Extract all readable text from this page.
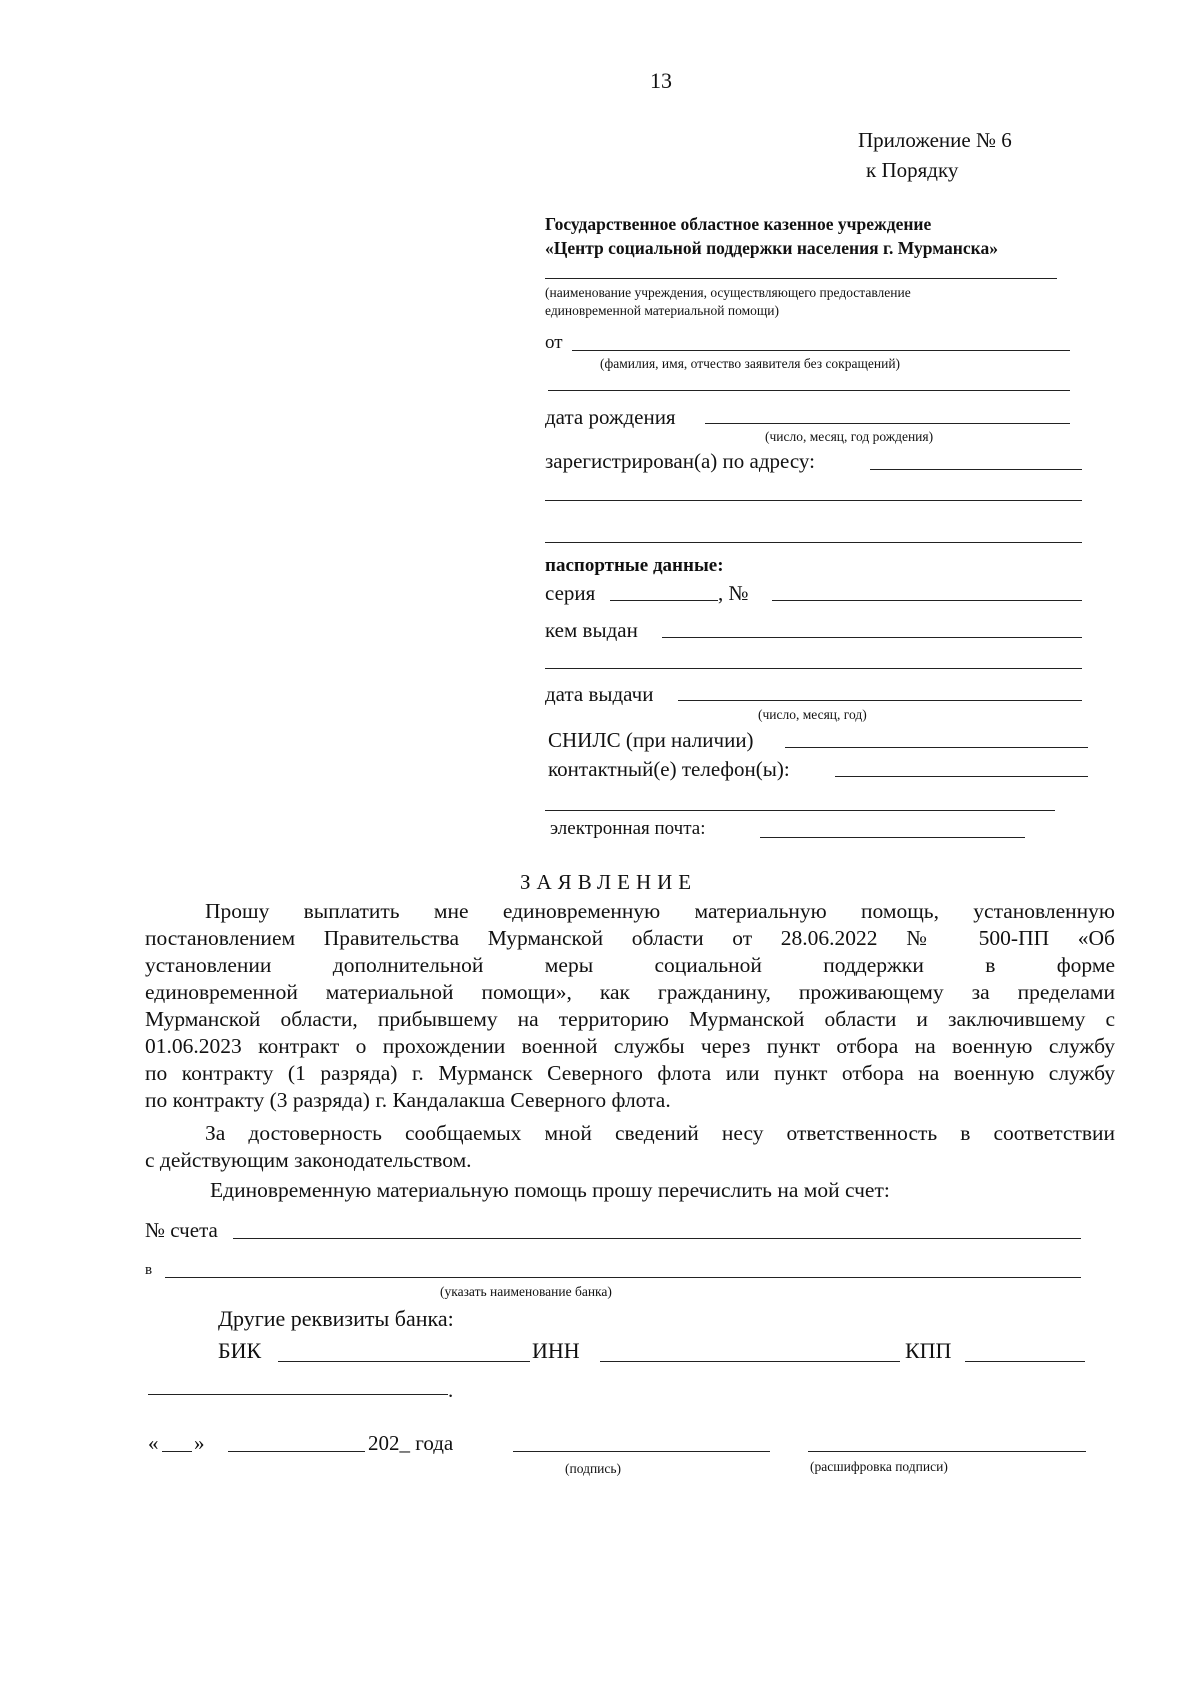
13
Приложение № 6
к Порядку
Государственное областное казенное учреждение
«Центр социальной поддержки населения г. Мурманска»
(наименование учреждения, осуществляющего предоставление
единовременной материальной помощи)
от
(фамилия, имя, отчество заявителя без сокращений)
дата рождения
(число, месяц, год рождения)
зарегистрирован(а) по адресу:
паспортные данные:
серия	, №
кем выдан
дата выдачи
(число, месяц, год)
СНИЛС (при наличии)
контактный(е) телефон(ы):
электронная почта:
ЗАЯВЛЕНИЕ
Прошу выплатить мне единовременную материальную помощь, установленную
постановлением Правительства Мурманской области от 28.06.2022 № 500-ПП «Об
установлении дополнительной меры социальной поддержки в форме
единовременной материальной помощи», как гражданину, проживающему за пределами
Мурманской области, прибывшему на территорию Мурманской области и заключившему с
01.06.2023 контракт о прохождении военной службы через пункт отбора на военную службу
по контракту (1 разряда) г. Мурманск Северного флота или пункт отбора на военную службу
по контракту (3 разряда) г. Кандалакша Северного флота.
За достоверность сообщаемых мной сведений несу ответственность в соответствии
с действующим законодательством.
Единовременную материальную помощь прошу перечислить на мой счет:
№ счета
в
(указать наименование банка)
Другие реквизиты банка:
БИК	ИНН	КПП
.
« »	202_ года
(подпись)	(расшифровка подписи)
